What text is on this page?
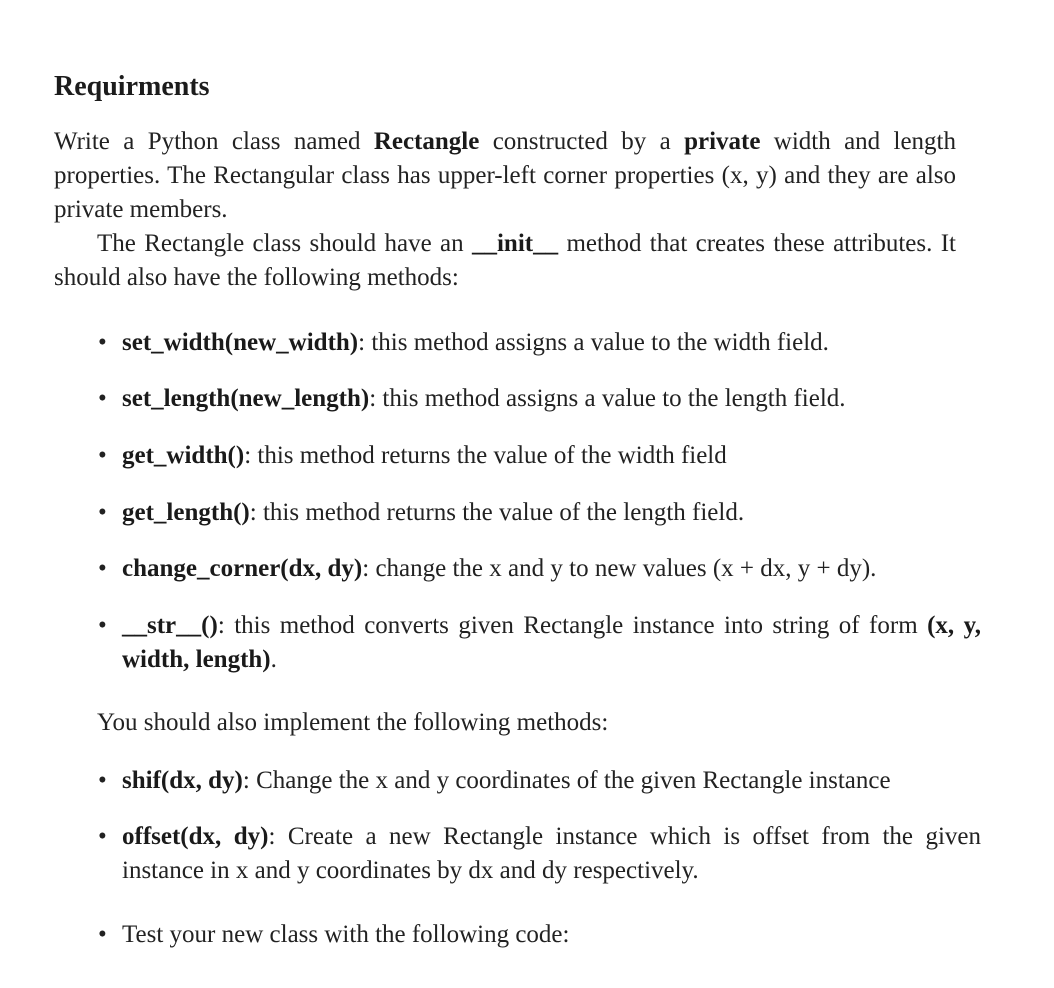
Requirments

Write a Python class named Rectangle constructed by a private width and length properties. The Rectangular class has upper-left corner properties (x, y) and they are also private members.

The Rectangle class should have an __init__ method that creates these attributes. It should also have the following methods:

• set_width(new_width): this method assigns a value to the width field.
• set_length(new_length): this method assigns a value to the length field.
• get_width(): this method returns the value of the width field
• get_length(): this method returns the value of the length field.
• change_corner(dx, dy): change the x and y to new values (x + dx, y + dy).
• __str__(): this method converts given Rectangle instance into string of form (x, y, width, length).

You should also implement the following methods:

• shif(dx, dy): Change the x and y coordinates of the given Rectangle instance
• offset(dx, dy): Create a new Rectangle instance which is offset from the given instance in x and y coordinates by dx and dy respectively.
• Test your new class with the following code:
